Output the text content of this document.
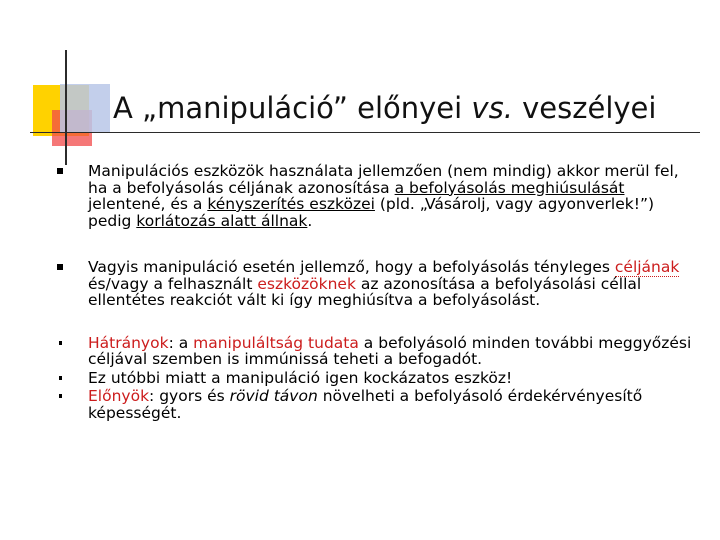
A „manipuláció” előnyei vs. veszélyei
Manipulációs eszközök használata jellemzően (nem mindig) akkor merül fel, ha a befolyásolás céljának azonosítása a befolyásolás meghiúsulását jelentené, és a kényszerítés eszközei (pld. „Vásárolj, vagy agyonverlek!”) pedig korlátozás alatt állnak.
Vagyis manipuláció esetén jellemző, hogy a befolyásolás tényleges céljának és/vagy a felhasznált eszközöknek az azonosítása a befolyásolási céllal ellentétes reakciót vált ki így meghiúsítva a befolyásolást.
Hátrányok: a manipuláltság tudata a befolyásoló minden további meggyőzési céljával szemben is immúnissá teheti a befogadót.
Ez utóbbi miatt a manipuláció igen kockázatos eszköz!
Előnyök: gyors és rövid távon növelheti a befolyásoló érdekérvényesítő képességét.
